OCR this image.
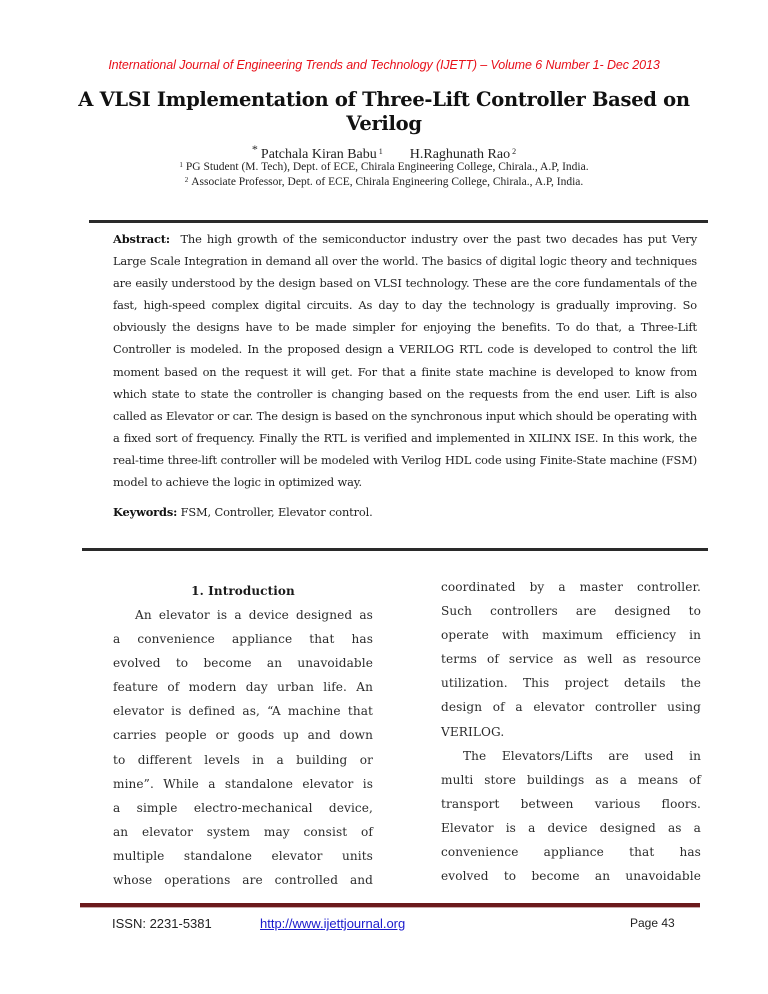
International Journal of Engineering Trends and Technology (IJETT) – Volume 6 Number 1- Dec 2013
A VLSI Implementation of Three-Lift Controller Based on
Verilog
* Patchala Kiran Babu $^1$ H.Raghunath Rao $^2$
$^1$ PG Student (M. Tech), Dept. of ECE, Chirala Engineering College, Chirala., A.P, India.
$^2$ Associate Professor, Dept. of ECE, Chirala Engineering College, Chirala., A.P, India.
Abstract: The high growth of the semiconductor industry over the past two decades has put Very Large Scale Integration in demand all over the world. The basics of digital logic theory and techniques are easily understood by the design based on VLSI technology. These are the core fundamentals of the fast, high-speed complex digital circuits. As day to day the technology is gradually improving. So obviously the designs have to be made simpler for enjoying the benefits. To do that, a Three-Lift Controller is modeled. In the proposed design a VERILOG RTL code is developed to control the lift moment based on the request it will get. For that a finite state machine is developed to know from which state to state the controller is changing based on the requests from the end user. Lift is also called as Elevator or car. The design is based on the synchronous input which should be operating with a fixed sort of frequency. Finally the RTL is verified and implemented in XILINX ISE. In this work, the real-time three-lift controller will be modeled with Verilog HDL code using Finite-State machine (FSM) model to achieve the logic in optimized way.
Keywords: FSM, Controller, Elevator control.
1. Introduction
An elevator is a device designed as
a convenience appliance that has
evolved to become an unavoidable
feature of modern day urban life. An
elevator is defined as, “A machine that
carries people or goods up and down
to different levels in a building or
mine”. While a standalone elevator is
a simple electro-mechanical device,
an elevator system may consist of
multiple standalone elevator units
whose operations are controlled and
coordinated by a master controller.
Such controllers are designed to
operate with maximum efficiency in
terms of service as well as resource
utilization. This project details the
design of a elevator controller using
VERILOG.
The Elevators/Lifts are used in
multi store buildings as a means of
transport between various floors.
Elevator is a device designed as a
convenience appliance that has
evolved to become an unavoidable
ISSN: 2231-5381	http://www.ijettjournal.org	Page 43
